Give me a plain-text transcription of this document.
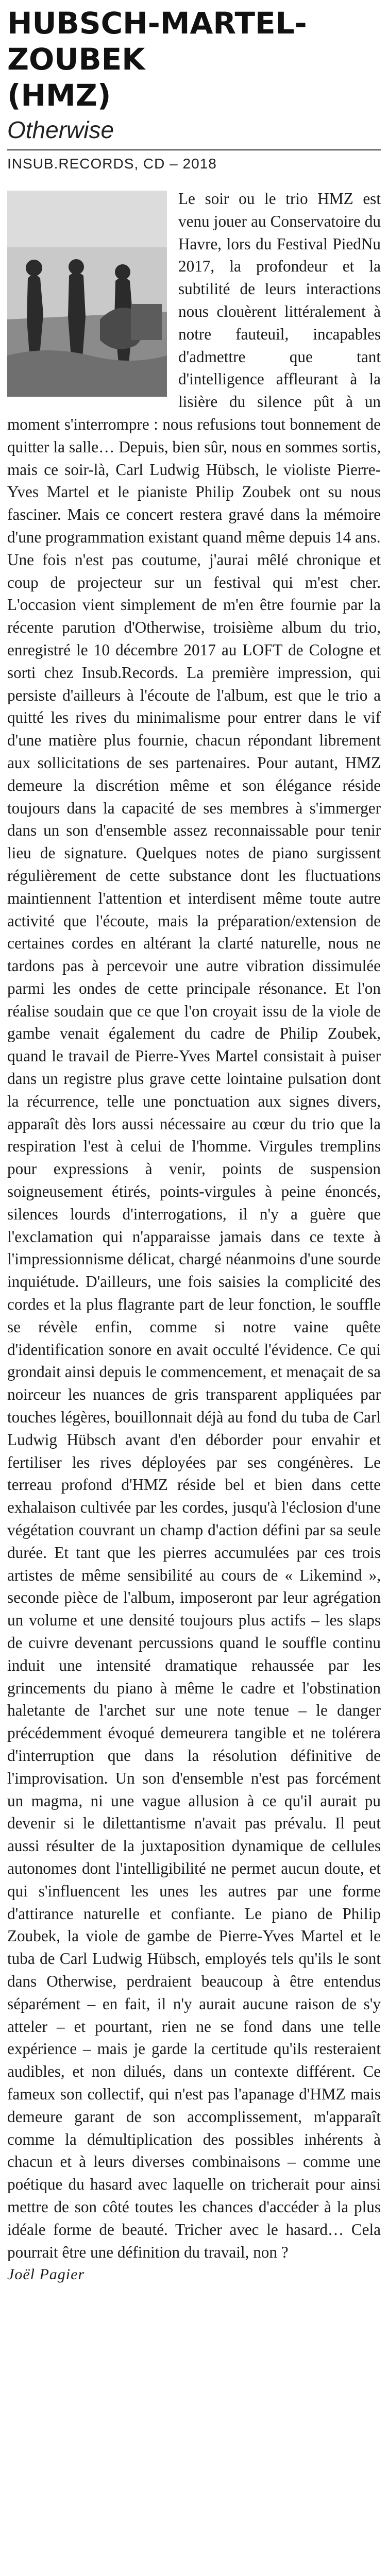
HUBSCH-MARTEL-ZOUBEK
(HMZ)
Otherwise
INSUB.RECORDS, CD – 2018

Le soir ou le trio HMZ est venu jouer au Conservatoire du Havre, lors du Festival PiedNu 2017, la profondeur et la subtilité de leurs interactions nous clouèrent littéralement à notre fauteuil, incapables d'admettre que tant d'intelligence affleurant à la lisière du silence pût à un moment s'interrompre : nous refusions tout bonnement de quitter la salle… Depuis, bien sûr, nous en sommes sortis, mais ce soir-là, Carl Ludwig Hübsch, le violiste Pierre-Yves Martel et le pianiste Philip Zoubek ont su nous fasciner. Mais ce concert restera gravé dans la mémoire d'une programmation existant quand même depuis 14 ans.

Une fois n'est pas coutume, j'aurai mêlé chronique et coup de projecteur sur un festival qui m'est cher. L'occasion vient simplement de m'en être fournie par la récente parution d'Otherwise, troisième album du trio, enregistré le 10 décembre 2017 au LOFT de Cologne et sorti chez Insub.Records. La première impression, qui persiste d'ailleurs à l'écoute de l'album, est que le trio a quitté les rives du minimalisme pour entrer dans le vif d'une matière plus fournie, chacun répondant librement aux sollicitations de ses partenaires. Pour autant, HMZ demeure la discrétion même et son élégance réside toujours dans la capacité de ses membres à s'immerger dans un son d'ensemble assez reconnaissable pour tenir lieu de signature. Quelques notes de piano surgissent régulièrement de cette substance dont les fluctuations maintiennent l'attention et interdisent même toute autre activité que l'écoute, mais la préparation/extension de certaines cordes en altérant la clarté naturelle, nous ne tardons pas à percevoir une autre vibration dissimulée parmi les ondes de cette principale résonance. Et l'on réalise soudain que ce que l'on croyait issu de la viole de gambe venait également du cadre de Philip Zoubek, quand le travail de Pierre-Yves Martel consistait à puiser dans un registre plus grave cette lointaine pulsation dont la récurrence, telle une ponctuation aux signes divers, apparaît dès lors aussi nécessaire au cœur du trio que la respiration l'est à celui de l'homme. Virgules tremplins pour expressions à venir, points de suspension soigneusement étirés, points-virgules à peine énoncés, silences lourds d'interrogations, il n'y a guère que l'exclamation qui n'apparaisse jamais dans ce texte à l'impressionnisme délicat, chargé néanmoins d'une sourde inquiétude. D'ailleurs, une fois saisies la complicité des cordes et la plus flagrante part de leur fonction, le souffle se révèle enfin, comme si notre vaine quête d'identification sonore en avait occulté l'évidence. Ce qui grondait ainsi depuis le commencement, et menaçait de sa noirceur les nuances de gris transparent appliquées par touches légères, bouillonnait déjà au fond du tuba de Carl Ludwig Hübsch avant d'en déborder pour envahir et fertiliser les rives déployées par ses congénères. Le terreau profond d'HMZ réside bel et bien dans cette exhalaison cultivée par les cordes, jusqu'à l'éclosion d'une végétation couvrant un champ d'action défini par sa seule durée. Et tant que les pierres accumulées par ces trois artistes de même sensibilité au cours de « Likemind », seconde pièce de l'album, imposeront par leur agrégation un volume et une densité toujours plus actifs – les slaps de cuivre devenant percussions quand le souffle continu induit une intensité dramatique rehaussée par les grincements du piano à même le cadre et l'obstination haletante de l'archet sur une note tenue – le danger précédemment évoqué demeurera tangible et ne tolérera d'interruption que dans la résolution définitive de l'improvisation. Un son d'ensemble n'est pas forcément un magma, ni une vague allusion à ce qu'il aurait pu devenir si le dilettantisme n'avait pas prévalu. Il peut aussi résulter de la juxtaposition dynamique de cellules autonomes dont l'intelligibilité ne permet aucun doute, et qui s'influencent les unes les autres par une forme d'attirance naturelle et confiante. Le piano de Philip Zoubek, la viole de gambe de Pierre-Yves Martel et le tuba de Carl Ludwig Hübsch, employés tels qu'ils le sont dans Otherwise, perdraient beaucoup à être entendus séparément – en fait, il n'y aurait aucune raison de s'y atteler – et pourtant, rien ne se fond dans une telle expérience – mais je garde la certitude qu'ils resteraient audibles, et non dilués, dans un contexte différent. Ce fameux son collectif, qui n'est pas l'apanage d'HMZ mais demeure garant de son accomplissement, m'apparaît comme la démultiplication des possibles inhérents à chacun et à leurs diverses combinaisons – comme une poétique du hasard avec laquelle on tricherait pour ainsi mettre de son côté toutes les chances d'accéder à la plus idéale forme de beauté. Tricher avec le hasard… Cela pourrait être une définition du travail, non ?

Joël Pagier
